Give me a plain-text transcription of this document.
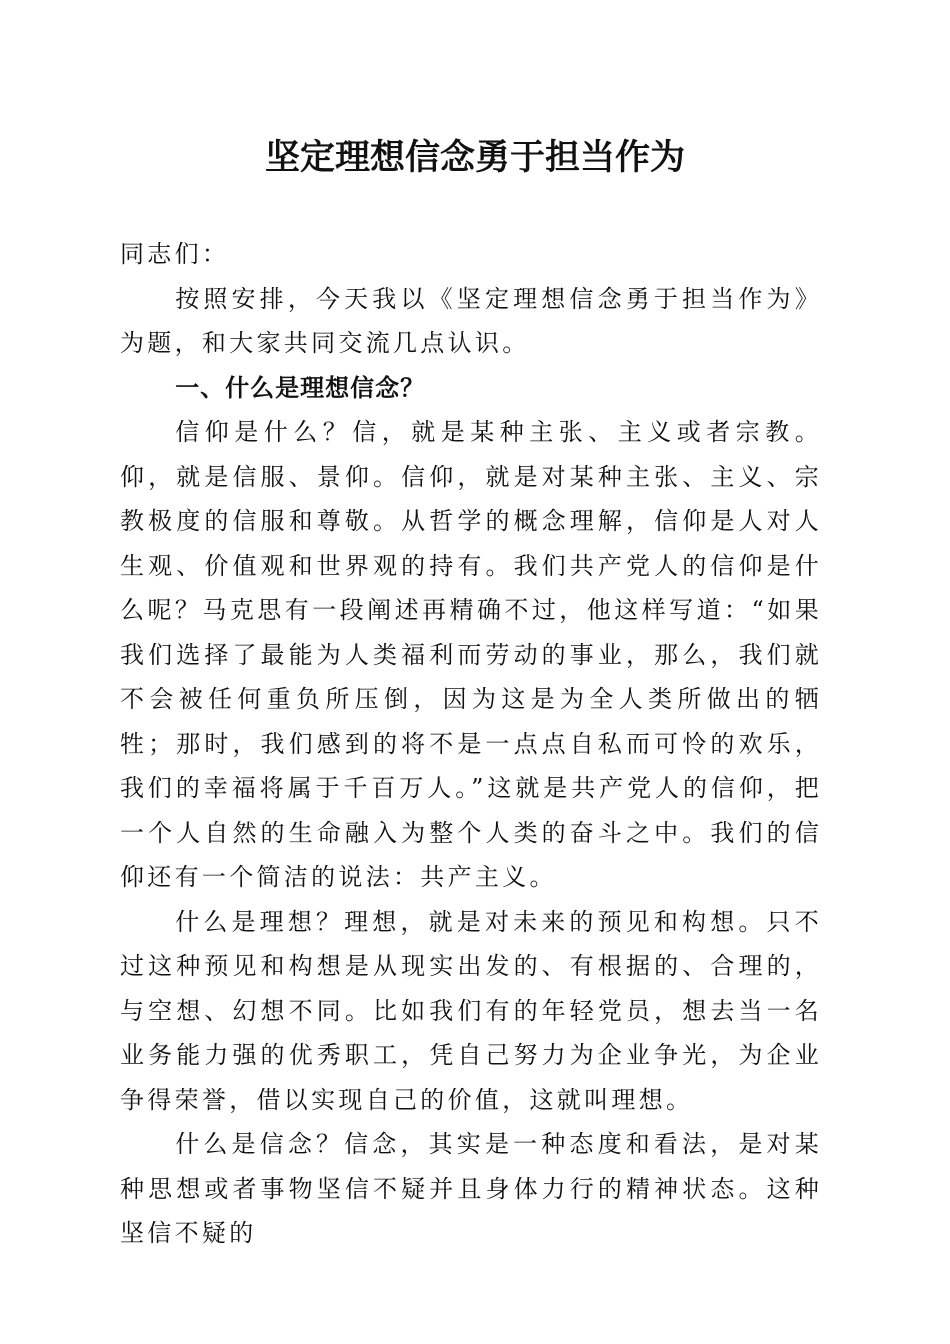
坚定理想信念勇于担当作为

同志们：

按照安排，今天我以《坚定理想信念勇于担当作为》为题，和大家共同交流几点认识。

一、什么是理想信念？

信仰是什么？信，就是某种主张、主义或者宗教。仰，就是信服、景仰。信仰，就是对某种主张、主义、宗教极度的信服和尊敬。从哲学的概念理解，信仰是人对人生观、价值观和世界观的持有。我们共产党人的信仰是什么呢？马克思有一段阐述再精确不过，他这样写道：“如果我们选择了最能为人类福利而劳动的事业，那么，我们就不会被任何重负所压倒，因为这是为全人类所做出的牺牲；那时，我们感到的将不是一点点自私而可怜的欢乐，我们的幸福将属于千百万人。”这就是共产党人的信仰，把一个人自然的生命融入为整个人类的奋斗之中。我们的信仰还有一个简洁的说法：共产主义。

什么是理想？理想，就是对未来的预见和构想。只不过这种预见和构想是从现实出发的、有根据的、合理的，与空想、幻想不同。比如我们有的年轻党员，想去当一名业务能力强的优秀职工，凭自己努力为企业争光，为企业争得荣誉，借以实现自己的价值，这就叫理想。

什么是信念？信念，其实是一种态度和看法，是对某种思想或者事物坚信不疑并且身体力行的精神状态。这种坚信不疑的
